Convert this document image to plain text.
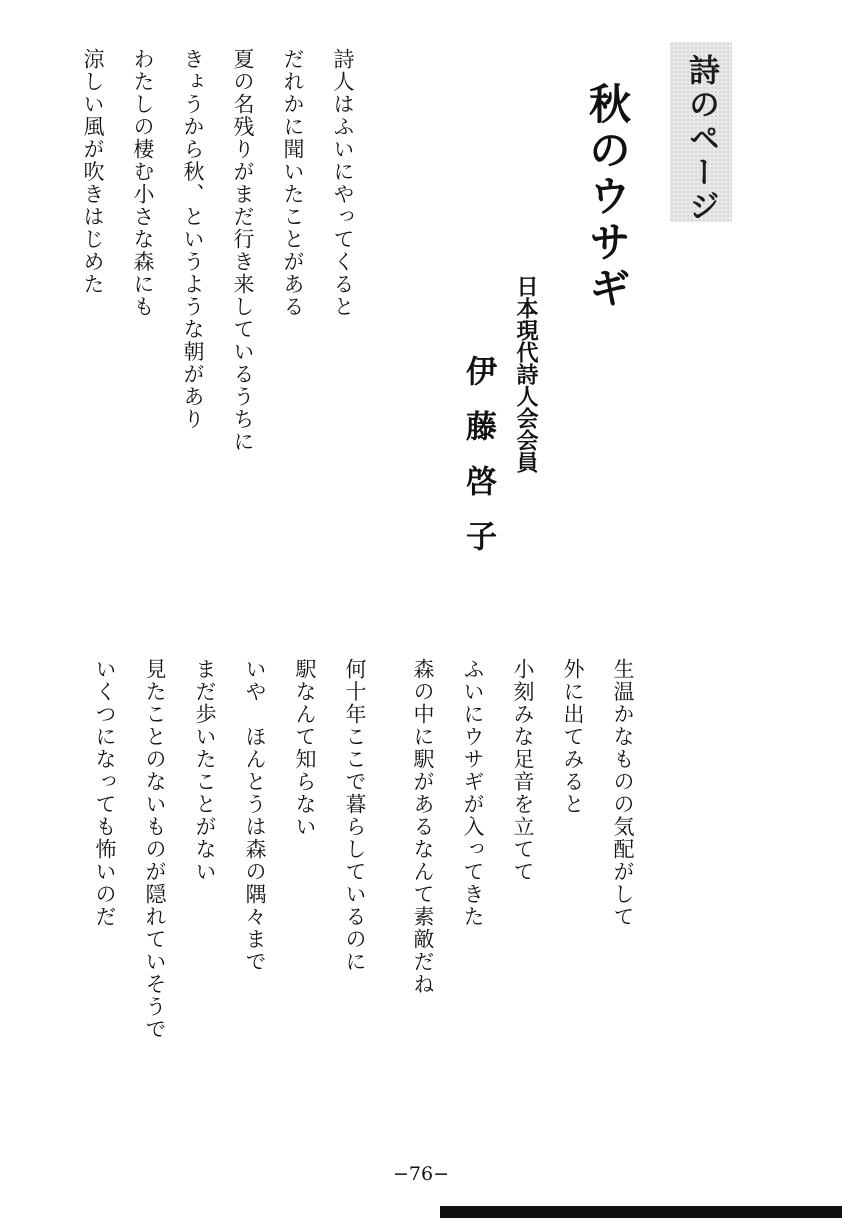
詩のページ
秋のウサギ
日本現代詩人会会員
伊藤啓子
詩人はふいにやってくると
だれかに聞いたことがある
夏の名残りがまだ行き来しているうちに
きょうから秋、というような朝があり
わたしの棲む小さな森にも
涼しい風が吹きはじめた
生温かなものの気配がして
外に出てみると
小刻みな足音を立てて
ふいにウサギが入ってきた
森の中に駅があるなんて素敵だね
何十年ここで暮らしているのに
駅なんて知らない
いや　ほんとうは森の隅々まで
まだ歩いたことがない
見たことのないものが隠れていそうで
いくつになっても怖いのだ
−76−
